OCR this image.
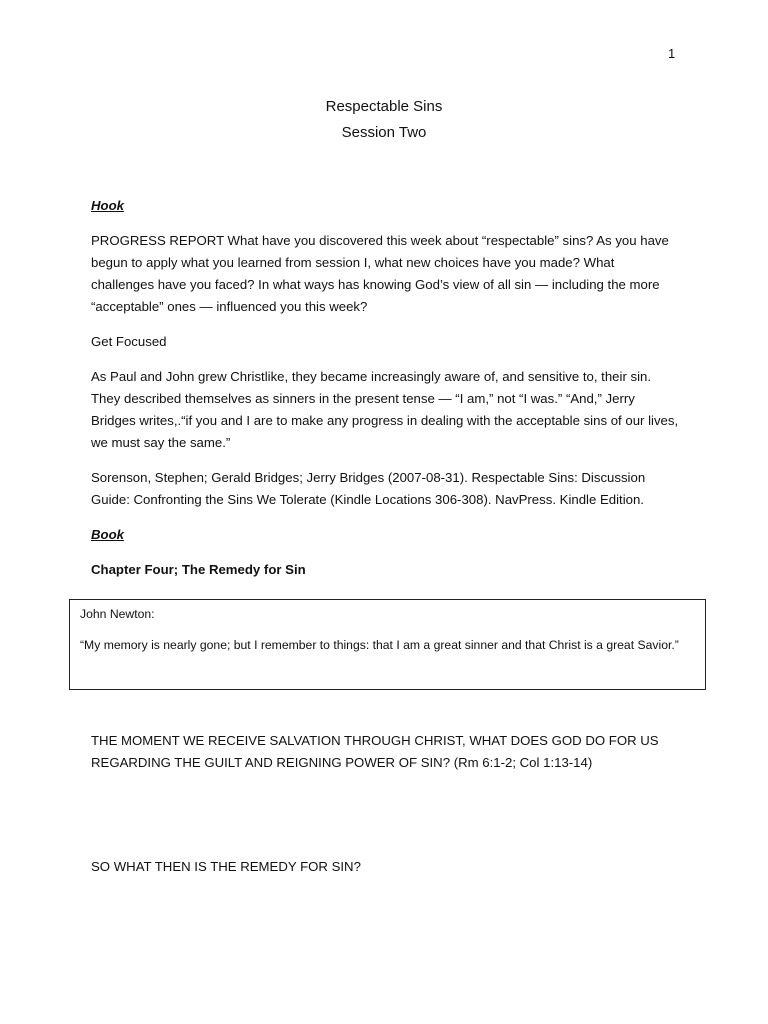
1

Respectable Sins

Session Two

Hook

PROGRESS REPORT What have you discovered this week about “respectable” sins? As you have begun to apply what you learned from session I, what new choices have you made? What challenges have you faced? In what ways has knowing God’s view of all sin — including the more “acceptable” ones — influenced you this week?

Get Focused

As Paul and John grew Christlike, they became increasingly aware of, and sensitive to, their sin. They described themselves as sinners in the present tense — “I am,” not “I was.” “And,” Jerry Bridges writes,.“if you and I are to make any progress in dealing with the acceptable sins of our lives, we must say the same.”

Sorenson, Stephen; Gerald Bridges; Jerry Bridges (2007-08-31). Respectable Sins: Discussion Guide: Confronting the Sins We Tolerate (Kindle Locations 306-308). NavPress. Kindle Edition.

Book

Chapter Four; The Remedy for Sin

John Newton:

“My memory is nearly gone; but I remember to things: that I am a great sinner and that Christ is a great Savior.”

THE MOMENT WE RECEIVE SALVATION THROUGH CHRIST, WHAT DOES GOD DO FOR US REGARDING THE GUILT AND REIGNING POWER OF SIN? (Rm 6:1-2; Col 1:13-14)

SO WHAT THEN IS THE REMEDY FOR SIN?
